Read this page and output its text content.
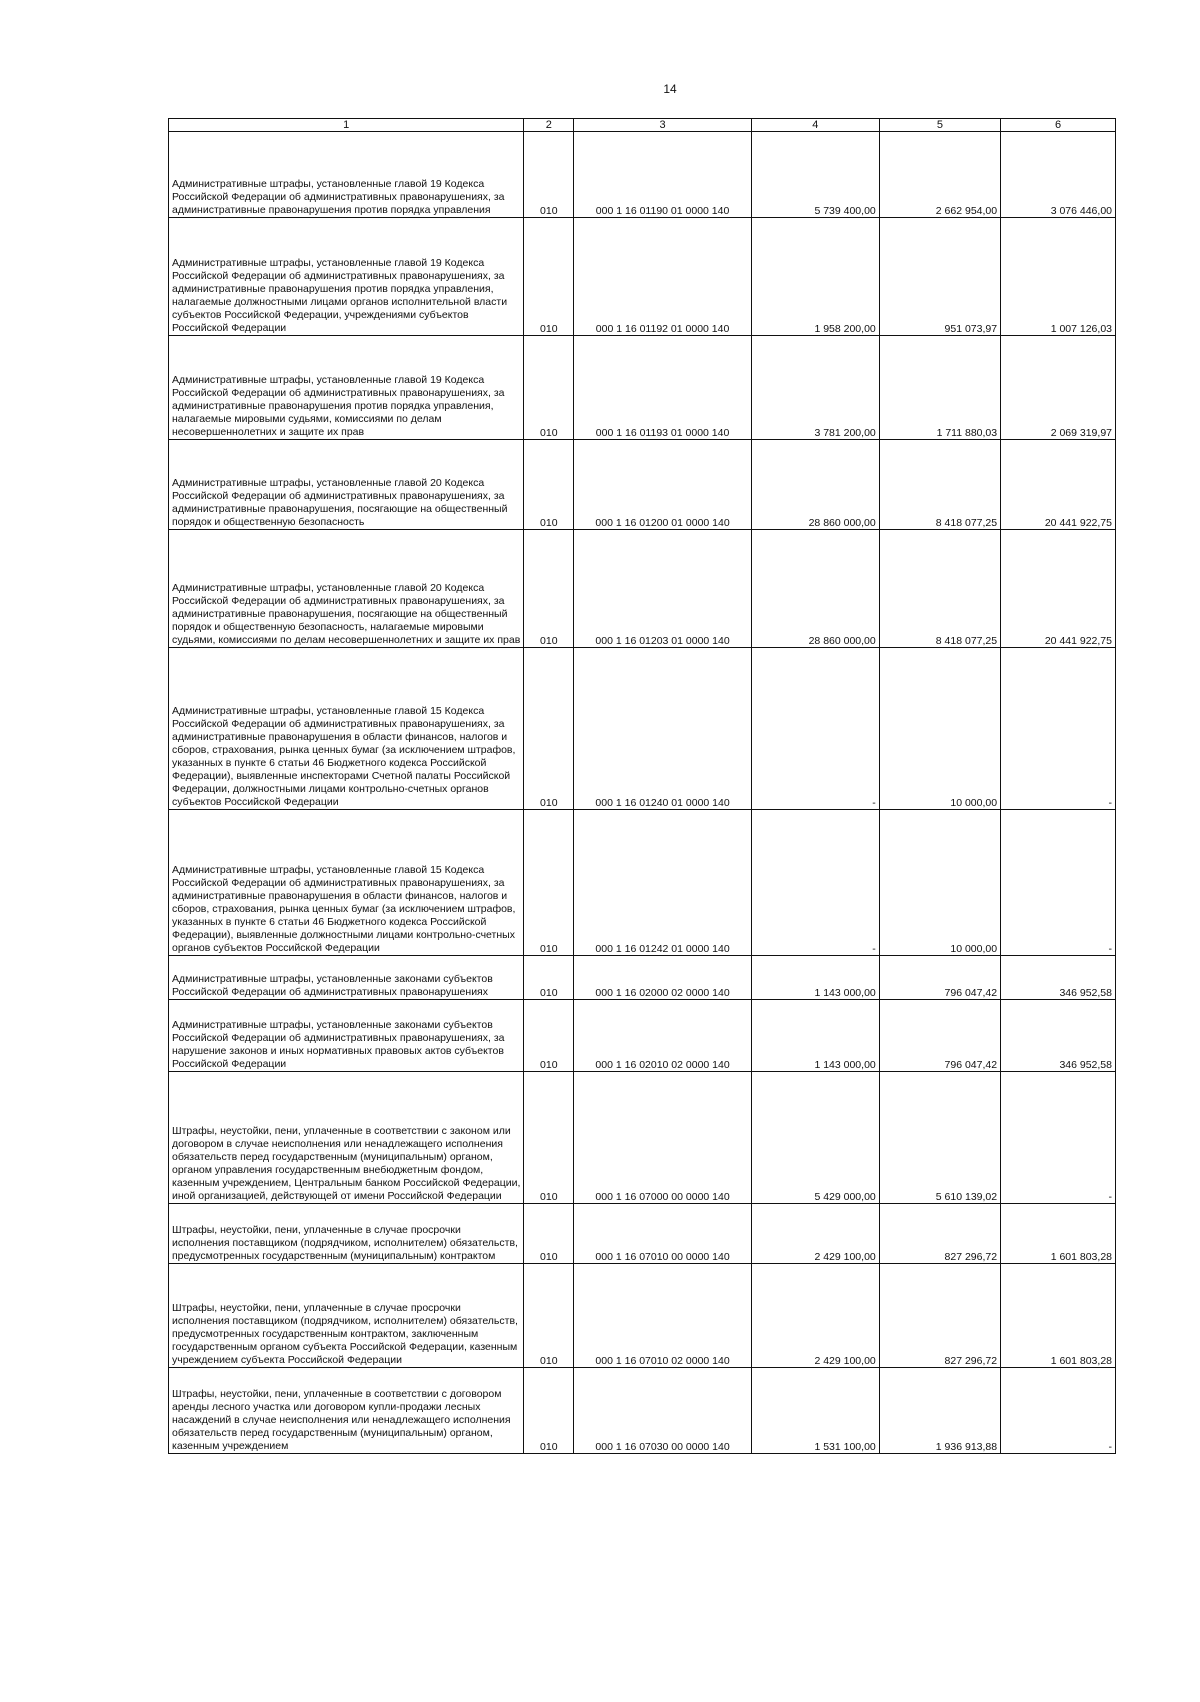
14
1	2	3	4	5	6
Административные штрафы, установленные главой 19 Кодекса Российской Федерации об административных правонарушениях, за административные правонарушения против порядка управления	010	000 1 16 01190 01 0000 140	5 739 400,00	2 662 954,00	3 076 446,00
Административные штрафы, установленные главой 19 Кодекса Российской Федерации об административных правонарушениях, за административные правонарушения против порядка управления, налагаемые должностными лицами органов исполнительной власти субъектов Российской Федерации, учреждениями субъектов Российской Федерации	010	000 1 16 01192 01 0000 140	1 958 200,00	951 073,97	1 007 126,03
Административные штрафы, установленные главой 19 Кодекса Российской Федерации об административных правонарушениях, за административные правонарушения против порядка управления, налагаемые мировыми судьями, комиссиями по делам несовершеннолетних и защите их прав	010	000 1 16 01193 01 0000 140	3 781 200,00	1 711 880,03	2 069 319,97
Административные штрафы, установленные главой 20 Кодекса Российской Федерации об административных правонарушениях, за административные правонарушения, посягающие на общественный порядок и общественную безопасность	010	000 1 16 01200 01 0000 140	28 860 000,00	8 418 077,25	20 441 922,75
Административные штрафы, установленные главой 20 Кодекса Российской Федерации об административных правонарушениях, за административные правонарушения, посягающие на общественный порядок и общественную безопасность, налагаемые мировыми судьями, комиссиями по делам несовершеннолетних и защите их прав	010	000 1 16 01203 01 0000 140	28 860 000,00	8 418 077,25	20 441 922,75
Административные штрафы, установленные главой 15 Кодекса Российской Федерации об административных правонарушениях, за административные правонарушения в области финансов, налогов и сборов, страхования, рынка ценных бумаг (за исключением штрафов, указанных в пункте 6 статьи 46 Бюджетного кодекса Российской Федерации), выявленные инспекторами Счетной палаты Российской Федерации, должностными лицами контрольно-счетных органов субъектов Российской Федерации	010	000 1 16 01240 01 0000 140	-	10 000,00	-
Административные штрафы, установленные главой 15 Кодекса Российской Федерации об административных правонарушениях, за административные правонарушения в области финансов, налогов и сборов, страхования, рынка ценных бумаг (за исключением штрафов, указанных в пункте 6 статьи 46 Бюджетного кодекса Российской Федерации), выявленные должностными лицами контрольно-счетных органов субъектов Российской Федерации	010	000 1 16 01242 01 0000 140	-	10 000,00	-
Административные штрафы, установленные законами субъектов Российской Федерации об административных правонарушениях	010	000 1 16 02000 02 0000 140	1 143 000,00	796 047,42	346 952,58
Административные штрафы, установленные законами субъектов Российской Федерации об административных правонарушениях, за нарушение законов и иных нормативных правовых актов субъектов Российской Федерации	010	000 1 16 02010 02 0000 140	1 143 000,00	796 047,42	346 952,58
Штрафы, неустойки, пени, уплаченные в соответствии с законом или договором в случае неисполнения или ненадлежащего исполнения обязательств перед государственным (муниципальным) органом, органом управления государственным внебюджетным фондом, казенным учреждением, Центральным банком Российской Федерации, иной организацией, действующей от имени Российской Федерации	010	000 1 16 07000 00 0000 140	5 429 000,00	5 610 139,02	-
Штрафы, неустойки, пени, уплаченные в случае просрочки исполнения поставщиком (подрядчиком, исполнителем) обязательств, предусмотренных государственным (муниципальным) контрактом	010	000 1 16 07010 00 0000 140	2 429 100,00	827 296,72	1 601 803,28
Штрафы, неустойки, пени, уплаченные в случае просрочки исполнения поставщиком (подрядчиком, исполнителем) обязательств, предусмотренных государственным контрактом, заключенным государственным органом субъекта Российской Федерации, казенным учреждением субъекта Российской Федерации	010	000 1 16 07010 02 0000 140	2 429 100,00	827 296,72	1 601 803,28
Штрафы, неустойки, пени, уплаченные в соответствии с договором аренды лесного участка или договором купли-продажи лесных насаждений в случае неисполнения или ненадлежащего исполнения обязательств перед государственным (муниципальным) органом, казенным учреждением	010	000 1 16 07030 00 0000 140	1 531 100,00	1 936 913,88	-
